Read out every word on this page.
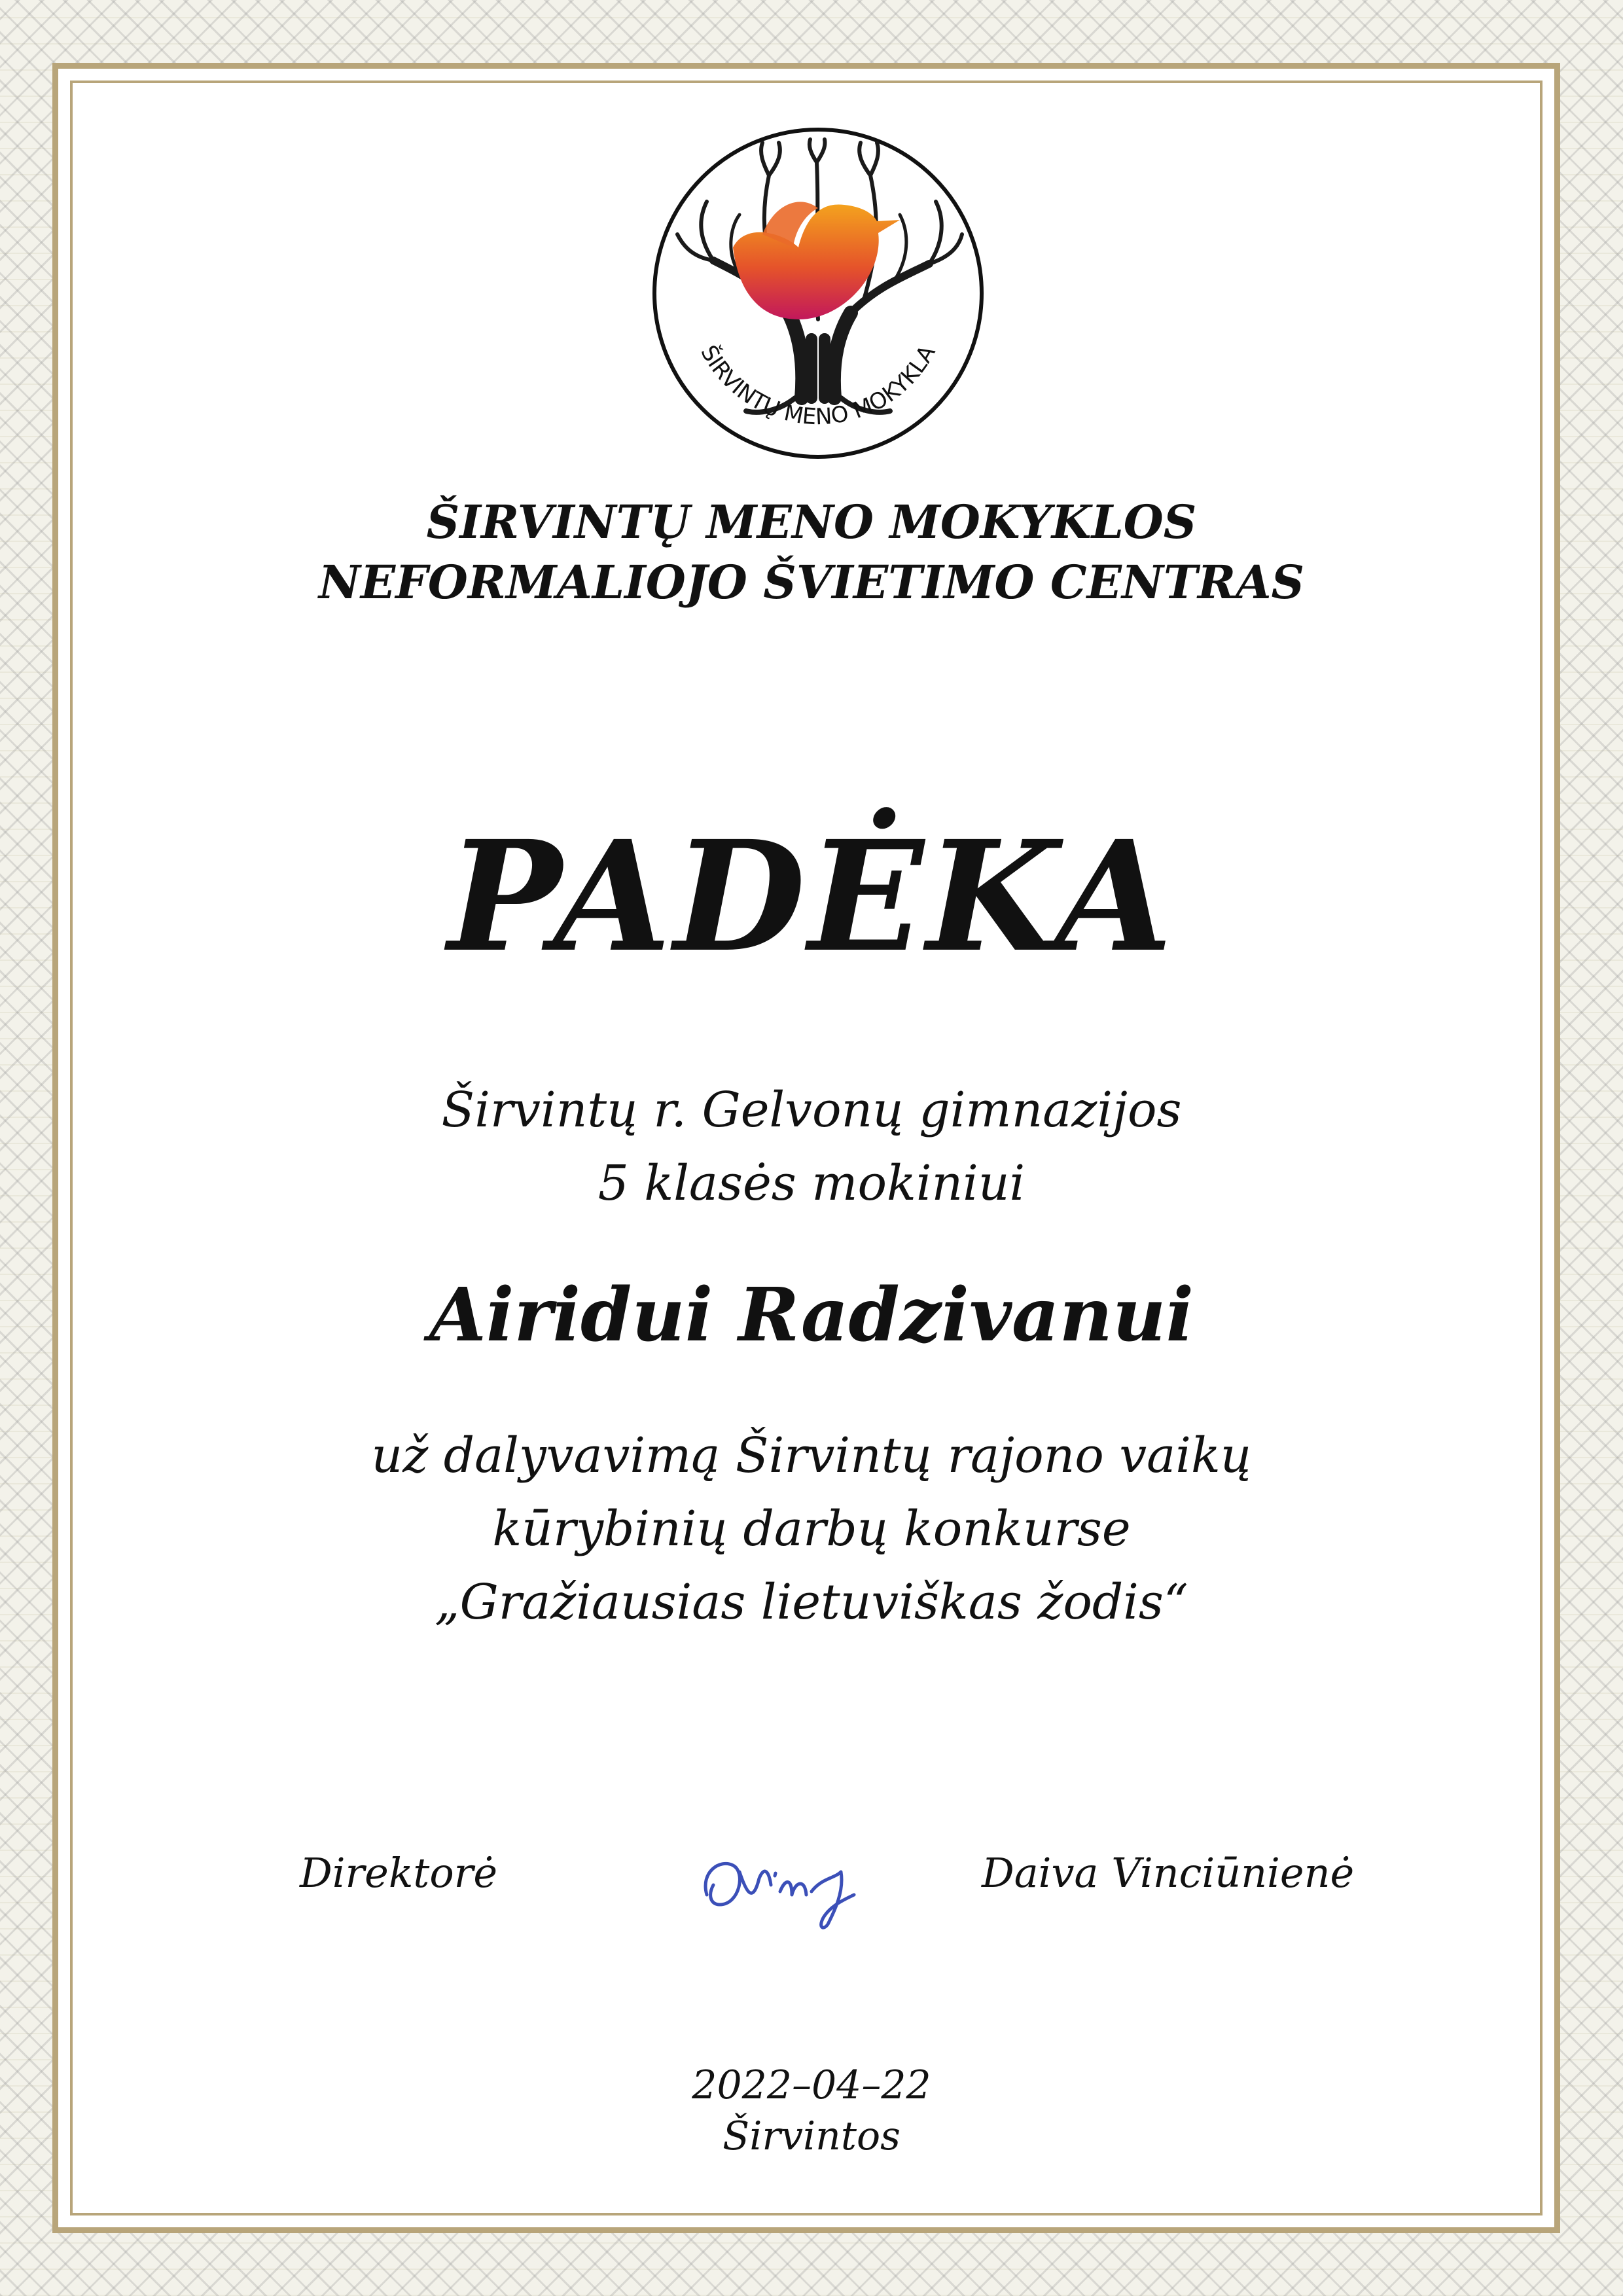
ŠIRVINTŲ MENO MOKYKLA
ŠIRVINTŲ MENO MOKYKLOS
NEFORMALIOJO ŠVIETIMO CENTRAS
PADĖKA
Širvintų r. Gelvonų gimnazijos
5 klasės mokiniui
Airidui Radzivanui
už dalyvavimą Širvintų rajono vaikų
kūrybinių darbų konkurse
„Gražiausias lietuviškas žodis“
Direktorė	Daiva Vinciūnienė
2022–04–22
Širvintos
